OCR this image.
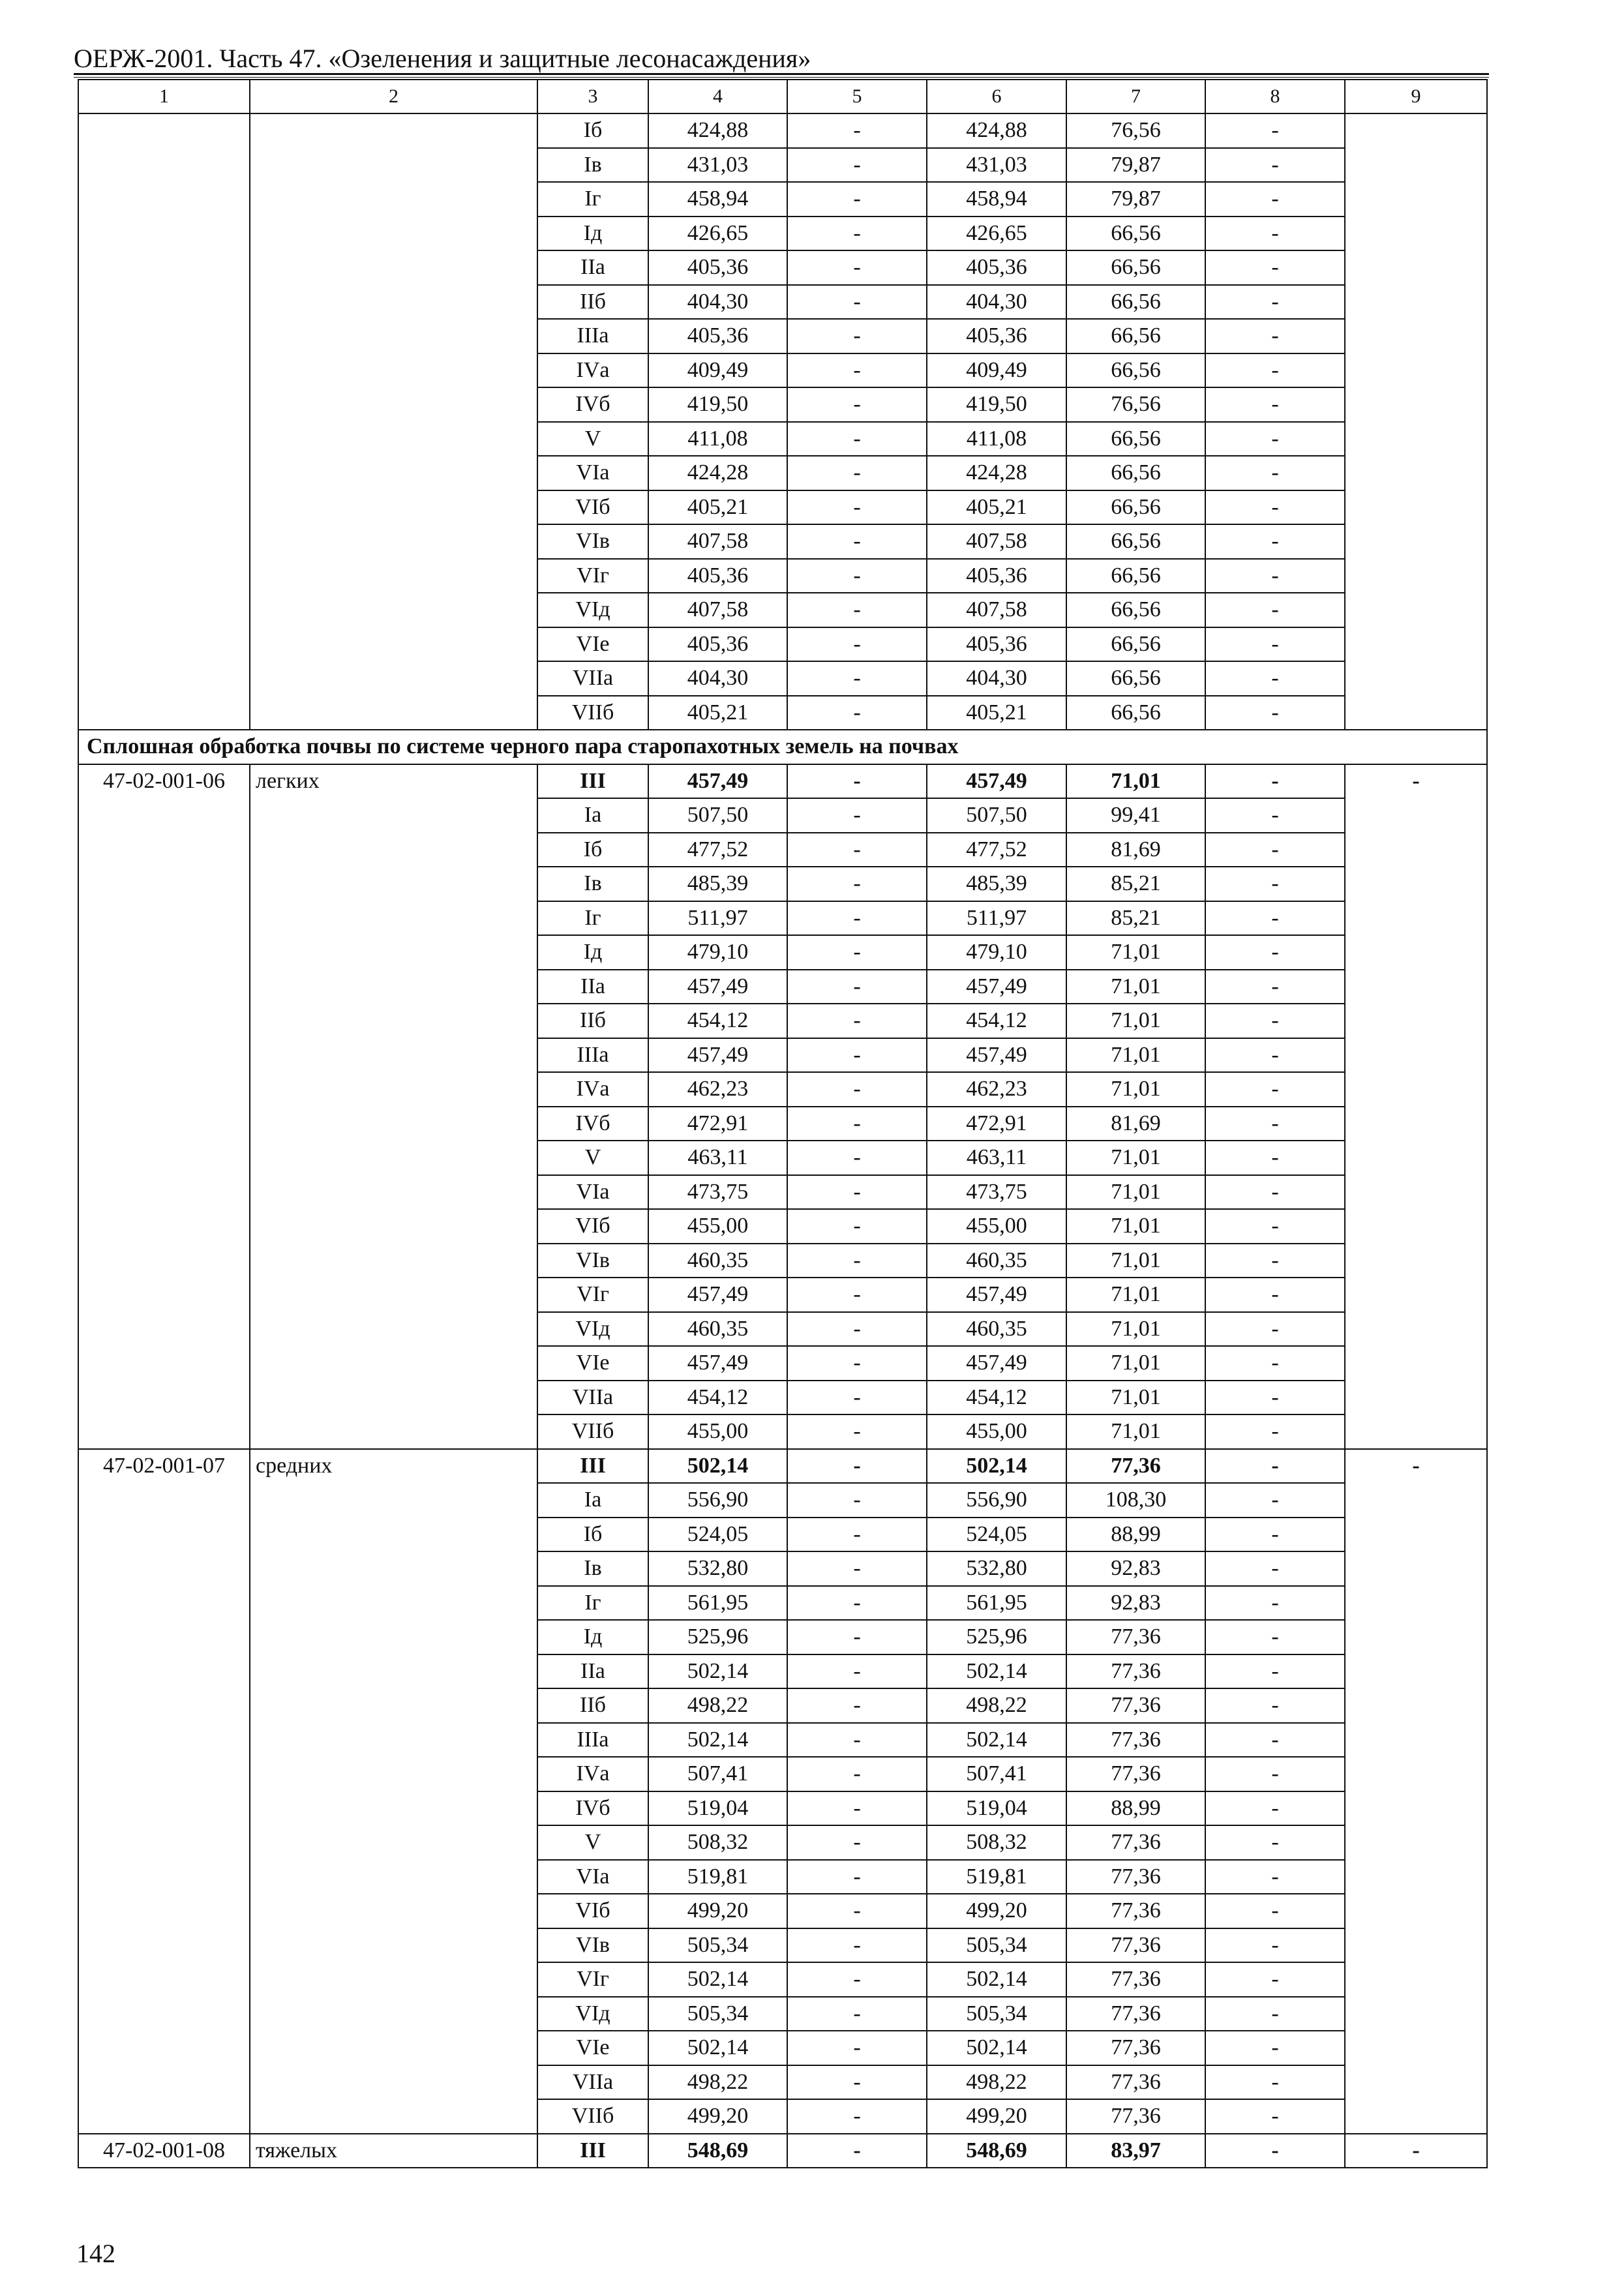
ОЕРЖ-2001. Часть 47. «Озеленения и защитные лесонасаждения»
1	2	3	4	5	6	7	8	9
		Iб	424,88	-	424,88	76,56	-	
		Iв	431,03	-	431,03	79,87	-	
		Iг	458,94	-	458,94	79,87	-	
		Iд	426,65	-	426,65	66,56	-	
		IIа	405,36	-	405,36	66,56	-	
		IIб	404,30	-	404,30	66,56	-	
		IIIа	405,36	-	405,36	66,56	-	
		IVа	409,49	-	409,49	66,56	-	
		IVб	419,50	-	419,50	76,56	-	
		V	411,08	-	411,08	66,56	-	
		VIа	424,28	-	424,28	66,56	-	
		VIб	405,21	-	405,21	66,56	-	
		VIв	407,58	-	407,58	66,56	-	
		VIг	405,36	-	405,36	66,56	-	
		VIд	407,58	-	407,58	66,56	-	
		VIе	405,36	-	405,36	66,56	-	
		VIIа	404,30	-	404,30	66,56	-	
		VIIб	405,21	-	405,21	66,56	-	
Сплошная обработка почвы по системе черного пара старопахотных земель на почвах								
47-02-001-06	легких	III	457,49	-	457,49	71,01	-	-
		Iа	507,50	-	507,50	99,41	-	
		Iб	477,52	-	477,52	81,69	-	
		Iв	485,39	-	485,39	85,21	-	
		Iг	511,97	-	511,97	85,21	-	
		Iд	479,10	-	479,10	71,01	-	
		IIа	457,49	-	457,49	71,01	-	
		IIб	454,12	-	454,12	71,01	-	
		IIIа	457,49	-	457,49	71,01	-	
		IVа	462,23	-	462,23	71,01	-	
		IVб	472,91	-	472,91	81,69	-	
		V	463,11	-	463,11	71,01	-	
		VIа	473,75	-	473,75	71,01	-	
		VIб	455,00	-	455,00	71,01	-	
		VIв	460,35	-	460,35	71,01	-	
		VIг	457,49	-	457,49	71,01	-	
		VIд	460,35	-	460,35	71,01	-	
		VIе	457,49	-	457,49	71,01	-	
		VIIа	454,12	-	454,12	71,01	-	
		VIIб	455,00	-	455,00	71,01	-	
47-02-001-07	средних	III	502,14	-	502,14	77,36	-	-
		Iа	556,90	-	556,90	108,30	-	
		Iб	524,05	-	524,05	88,99	-	
		Iв	532,80	-	532,80	92,83	-	
		Iг	561,95	-	561,95	92,83	-	
		Iд	525,96	-	525,96	77,36	-	
		IIа	502,14	-	502,14	77,36	-	
		IIб	498,22	-	498,22	77,36	-	
		IIIа	502,14	-	502,14	77,36	-	
		IVа	507,41	-	507,41	77,36	-	
		IVб	519,04	-	519,04	88,99	-	
		V	508,32	-	508,32	77,36	-	
		VIа	519,81	-	519,81	77,36	-	
		VIб	499,20	-	499,20	77,36	-	
		VIв	505,34	-	505,34	77,36	-	
		VIг	502,14	-	502,14	77,36	-	
		VIд	505,34	-	505,34	77,36	-	
		VIе	502,14	-	502,14	77,36	-	
		VIIа	498,22	-	498,22	77,36	-	
		VIIб	499,20	-	499,20	77,36	-	
47-02-001-08	тяжелых	III	548,69	-	548,69	83,97	-	-
142
